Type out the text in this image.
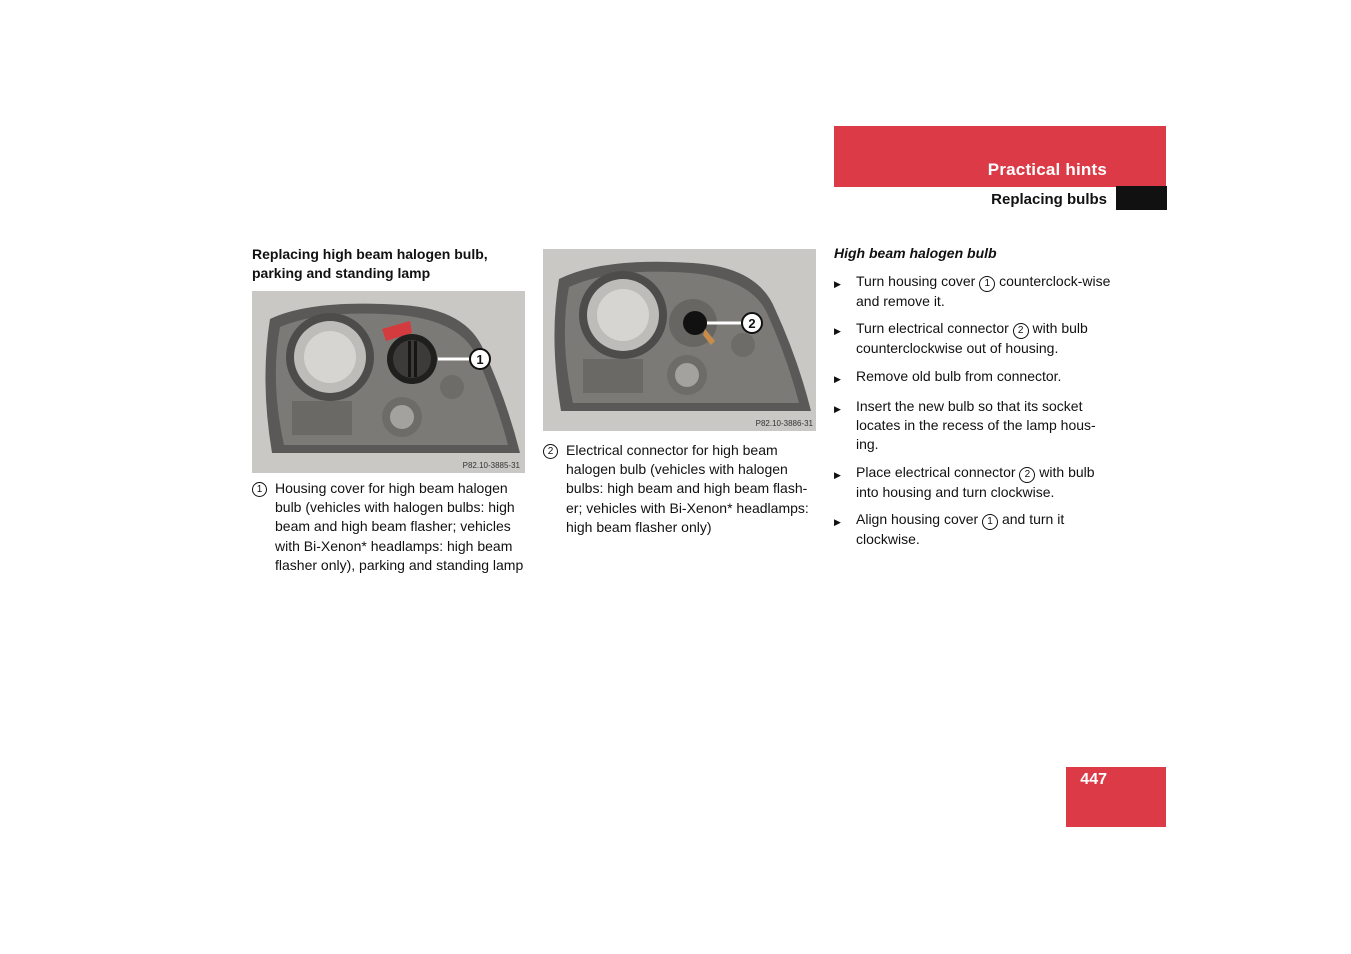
Practical hints
Replacing bulbs
Replacing high beam halogen bulb, parking and standing lamp
1
P82.10-3885-31
1 Housing cover for high beam halogen bulb (vehicles with halogen bulbs: high beam and high beam flasher; vehicles with Bi-Xenon* headlamps: high beam flasher only), parking and standing lamp
2
P82.10-3886-31
2 Electrical connector for high beam halogen bulb (vehicles with halogen bulbs: high beam and high beam flash-er; vehicles with Bi-Xenon* headlamps: high beam flasher only)
High beam halogen bulb
▶	Turn housing cover 1 counterclock-wise and remove it.
▶	Turn electrical connector 2 with bulb counterclockwise out of housing.
▶	Remove old bulb from connector.
▶	Insert the new bulb so that its socket locates in the recess of the lamp hous-ing.
▶	Place electrical connector 2 with bulb into housing and turn clockwise.
▶	Align housing cover 1 and turn it clockwise.
447
